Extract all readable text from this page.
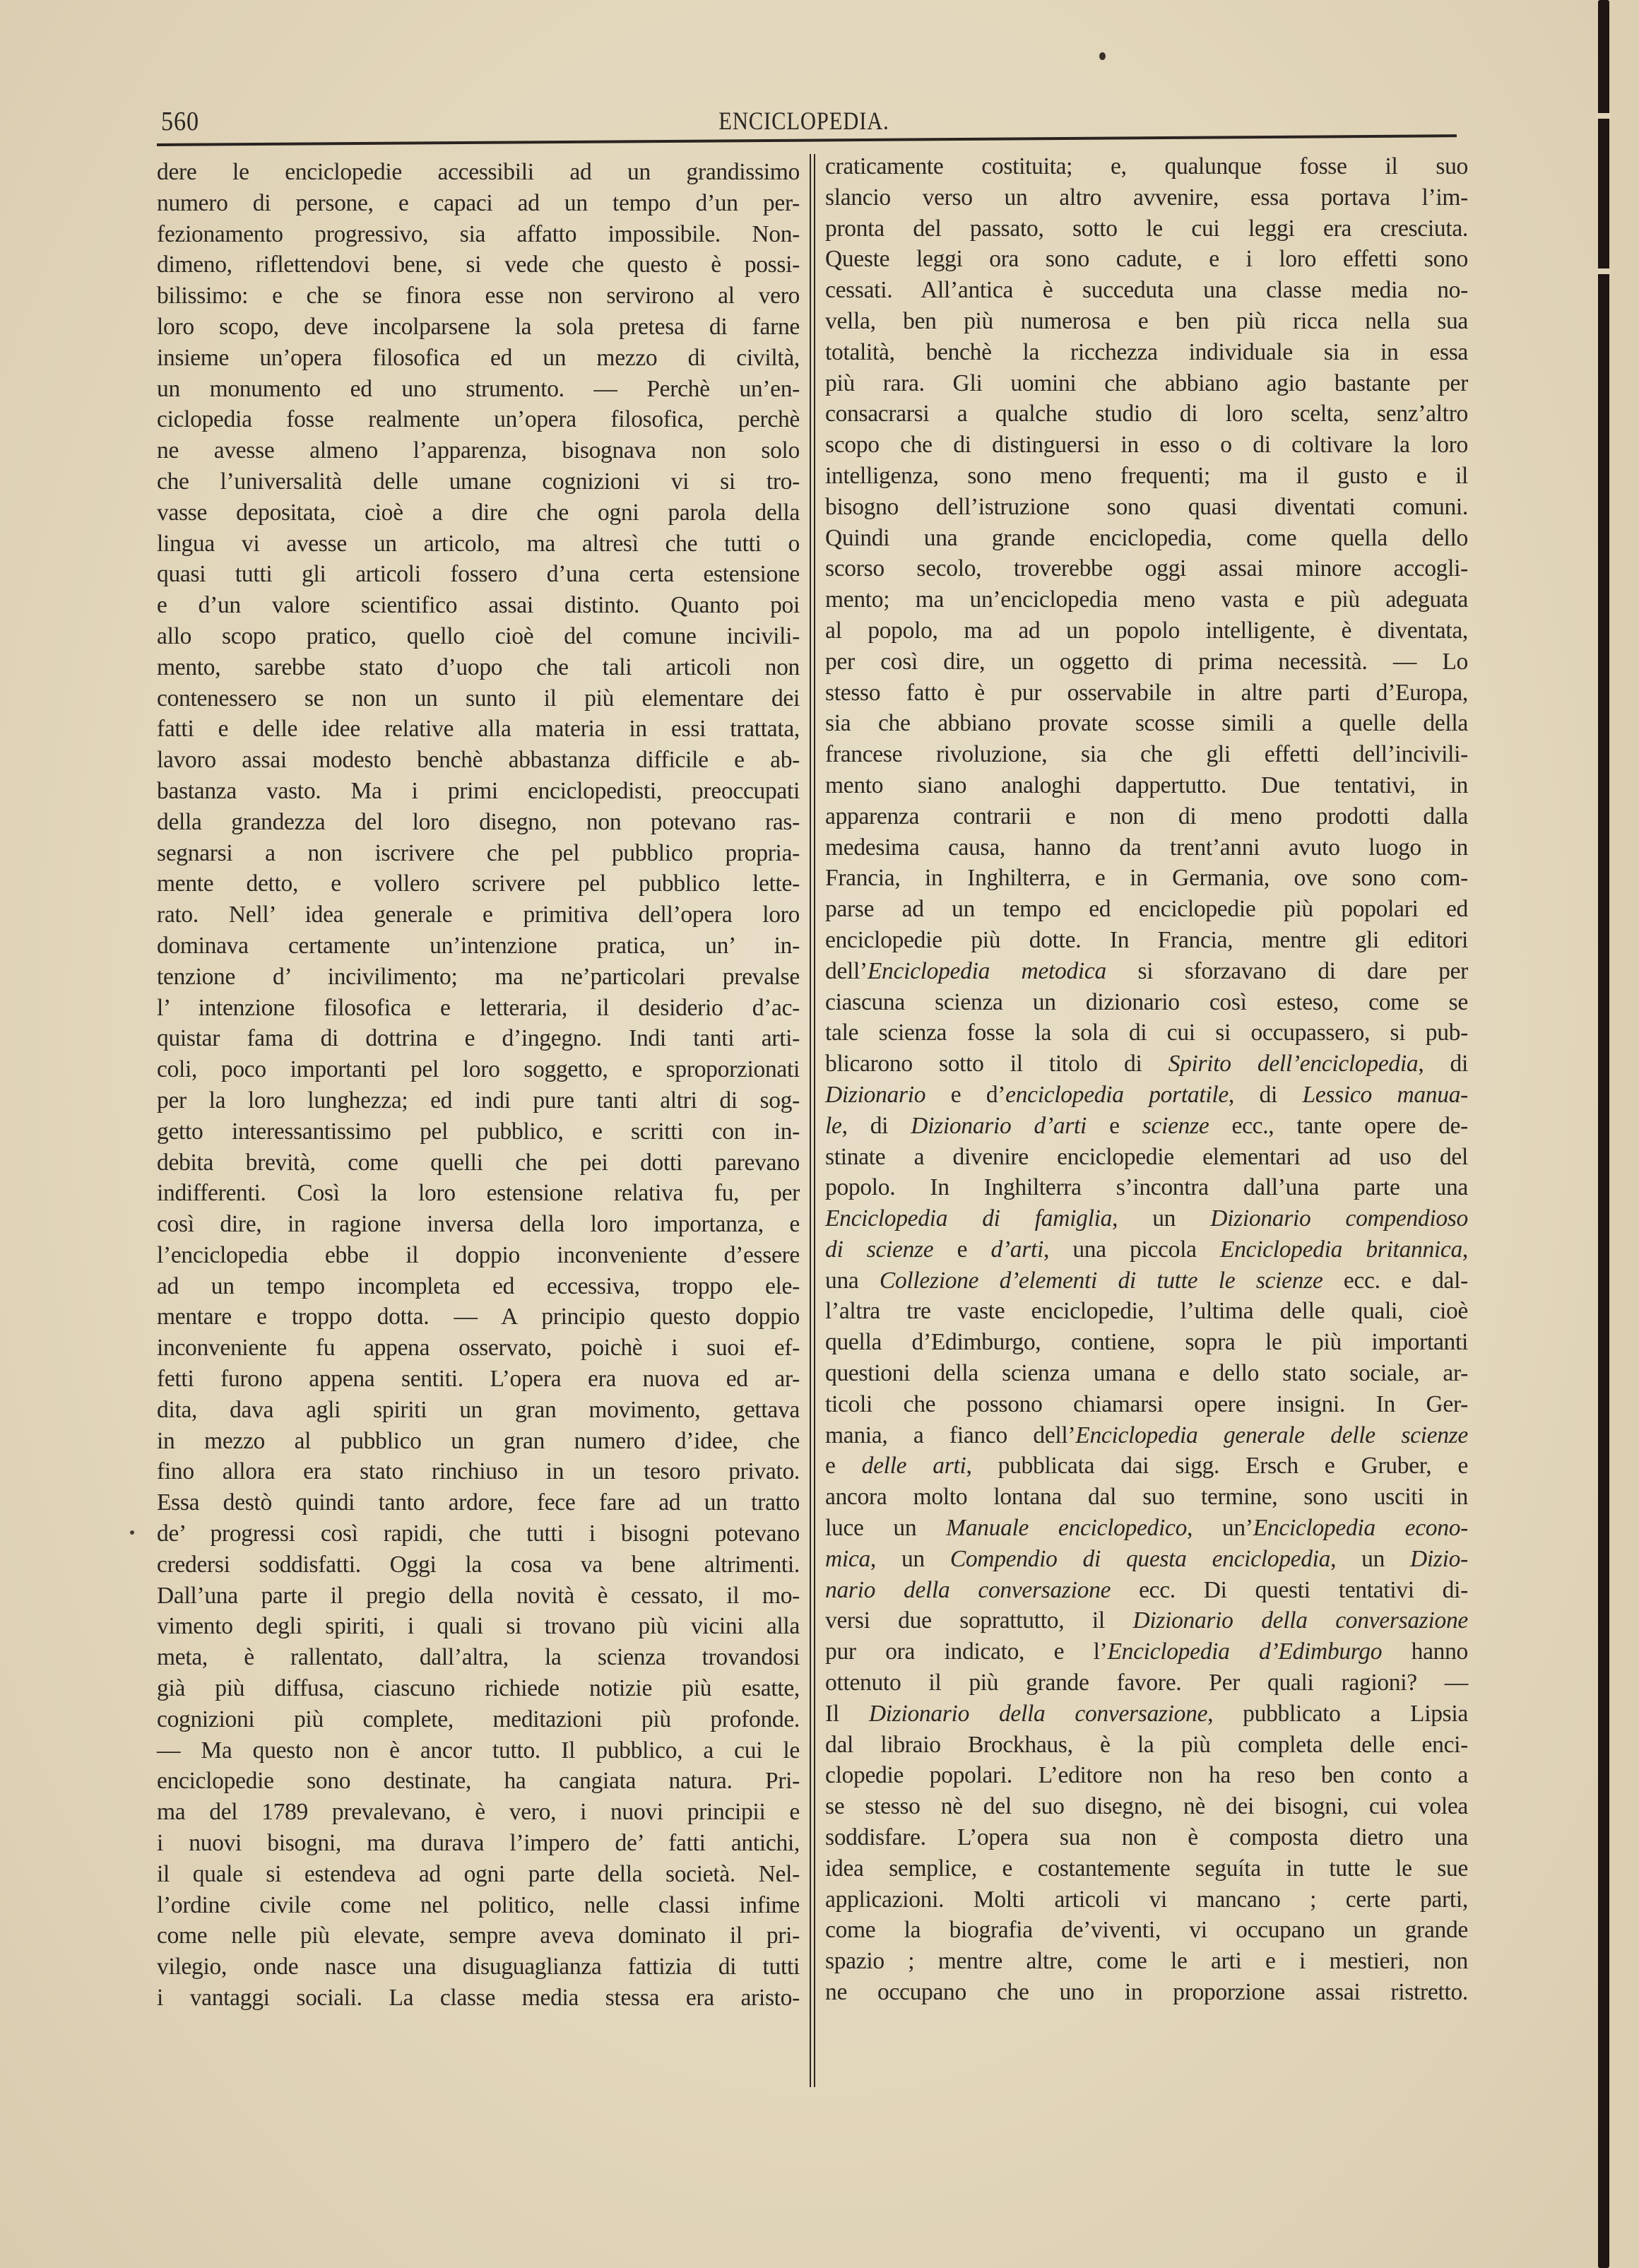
560	ENCICLOPEDIA.
dere le enciclopedie accessibili ad un grandissimo
numero di persone, e capaci ad un tempo d’un per-
fezionamento progressivo, sia affatto impossibile. Non-
dimeno, riflettendovi bene, si vede che questo è possi-
bilissimo: e che se finora esse non servirono al vero
loro scopo, deve incolparsene la sola pretesa di farne
insieme un’opera filosofica ed un mezzo di civiltà,
un monumento ed uno strumento. — Perchè un’en-
ciclopedia fosse realmente un’opera filosofica, perchè
ne avesse almeno l’apparenza, bisognava non solo
che l’universalità delle umane cognizioni vi si tro-
vasse depositata, cioè a dire che ogni parola della
lingua vi avesse un articolo, ma altresì che tutti o
quasi tutti gli articoli fossero d’una certa estensione
e d’un valore scientifico assai distinto. Quanto poi
allo scopo pratico, quello cioè del comune incivili-
mento, sarebbe stato d’uopo che tali articoli non
contenessero se non un sunto il più elementare dei
fatti e delle idee relative alla materia in essi trattata,
lavoro assai modesto benchè abbastanza difficile e ab-
bastanza vasto. Ma i primi enciclopedisti, preoccupati
della grandezza del loro disegno, non potevano ras-
segnarsi a non iscrivere che pel pubblico propria-
mente detto, e vollero scrivere pel pubblico lette-
rato. Nell’ idea generale e primitiva dell’opera loro
dominava certamente un’intenzione pratica, un’ in-
tenzione d’ incivilimento; ma ne’particolari prevalse
l’ intenzione filosofica e letteraria, il desiderio d’ac-
quistar fama di dottrina e d’ingegno. Indi tanti arti-
coli, poco importanti pel loro soggetto, e sproporzionati
per la loro lunghezza; ed indi pure tanti altri di sog-
getto interessantissimo pel pubblico, e scritti con in-
debita brevità, come quelli che pei dotti parevano
indifferenti. Così la loro estensione relativa fu, per
così dire, in ragione inversa della loro importanza, e
l’enciclopedia ebbe il doppio inconveniente d’essere
ad un tempo incompleta ed eccessiva, troppo ele-
mentare e troppo dotta. — A principio questo doppio
inconveniente fu appena osservato, poichè i suoi ef-
fetti furono appena sentiti. L’opera era nuova ed ar-
dita, dava agli spiriti un gran movimento, gettava
in mezzo al pubblico un gran numero d’idee, che
fino allora era stato rinchiuso in un tesoro privato.
Essa destò quindi tanto ardore, fece fare ad un tratto
de’ progressi così rapidi, che tutti i bisogni potevano
credersi soddisfatti. Oggi la cosa va bene altrimenti.
Dall’una parte il pregio della novità è cessato, il mo-
vimento degli spiriti, i quali si trovano più vicini alla
meta, è rallentato, dall’altra, la scienza trovandosi
già più diffusa, ciascuno richiede notizie più esatte,
cognizioni più complete, meditazioni più profonde.
— Ma questo non è ancor tutto. Il pubblico, a cui le
enciclopedie sono destinate, ha cangiata natura. Pri-
ma del 1789 prevalevano, è vero, i nuovi principii e
i nuovi bisogni, ma durava l’impero de’ fatti antichi,
il quale si estendeva ad ogni parte della società. Nel-
l’ordine civile come nel politico, nelle classi infime
come nelle più elevate, sempre aveva dominato il pri-
vilegio, onde nasce una disuguaglianza fattizia di tutti
i vantaggi sociali. La classe media stessa era aristo-
craticamente costituita; e, qualunque fosse il suo
slancio verso un altro avvenire, essa portava l’im-
pronta del passato, sotto le cui leggi era cresciuta.
Queste leggi ora sono cadute, e i loro effetti sono
cessati. All’antica è succeduta una classe media no-
vella, ben più numerosa e ben più ricca nella sua
totalità, benchè la ricchezza individuale sia in essa
più rara. Gli uomini che abbiano agio bastante per
consacrarsi a qualche studio di loro scelta, senz’altro
scopo che di distinguersi in esso o di coltivare la loro
intelligenza, sono meno frequenti; ma il gusto e il
bisogno dell’istruzione sono quasi diventati comuni.
Quindi una grande enciclopedia, come quella dello
scorso secolo, troverebbe oggi assai minore accogli-
mento; ma un’enciclopedia meno vasta e più adeguata
al popolo, ma ad un popolo intelligente, è diventata,
per così dire, un oggetto di prima necessità. — Lo
stesso fatto è pur osservabile in altre parti d’Europa,
sia che abbiano provate scosse simili a quelle della
francese rivoluzione, sia che gli effetti dell’incivili-
mento siano analoghi dappertutto. Due tentativi, in
apparenza contrarii e non di meno prodotti dalla
medesima causa, hanno da trent’anni avuto luogo in
Francia, in Inghilterra, e in Germania, ove sono com-
parse ad un tempo ed enciclopedie più popolari ed
enciclopedie più dotte. In Francia, mentre gli editori
dell’Enciclopedia metodica si sforzavano di dare per
ciascuna scienza un dizionario così esteso, come se
tale scienza fosse la sola di cui si occupassero, si pub-
blicarono sotto il titolo di Spirito dell’enciclopedia, di
Dizionario e d’enciclopedia portatile, di Lessico manua-
le, di Dizionario d’arti e scienze ecc., tante opere de-
stinate a divenire enciclopedie elementari ad uso del
popolo. In Inghilterra s’incontra dall’una parte una
Enciclopedia di famiglia, un Dizionario compendioso
di scienze e d’arti, una piccola Enciclopedia britannica,
una Collezione d’elementi di tutte le scienze ecc. e dal-
l’altra tre vaste enciclopedie, l’ultima delle quali, cioè
quella d’Edimburgo, contiene, sopra le più importanti
questioni della scienza umana e dello stato sociale, ar-
ticoli che possono chiamarsi opere insigni. In Ger-
mania, a fianco dell’Enciclopedia generale delle scienze
e delle arti, pubblicata dai sigg. Ersch e Gruber, e
ancora molto lontana dal suo termine, sono usciti in
luce un Manuale enciclopedico, un’Enciclopedia econo-
mica, un Compendio di questa enciclopedia, un Dizio-
nario della conversazione ecc. Di questi tentativi di-
versi due soprattutto, il Dizionario della conversazione
pur ora indicato, e l’Enciclopedia d’Edimburgo hanno
ottenuto il più grande favore. Per quali ragioni? —
Il Dizionario della conversazione, pubblicato a Lipsia
dal libraio Brockhaus, è la più completa delle enci-
clopedie popolari. L’editore non ha reso ben conto a
se stesso nè del suo disegno, nè dei bisogni, cui volea
soddisfare. L’opera sua non è composta dietro una
idea semplice, e costantemente seguíta in tutte le sue
applicazioni. Molti articoli vi mancano ; certe parti,
come la biografia de’viventi, vi occupano un grande
spazio ; mentre altre, come le arti e i mestieri, non
ne occupano che uno in proporzione assai ristretto.
